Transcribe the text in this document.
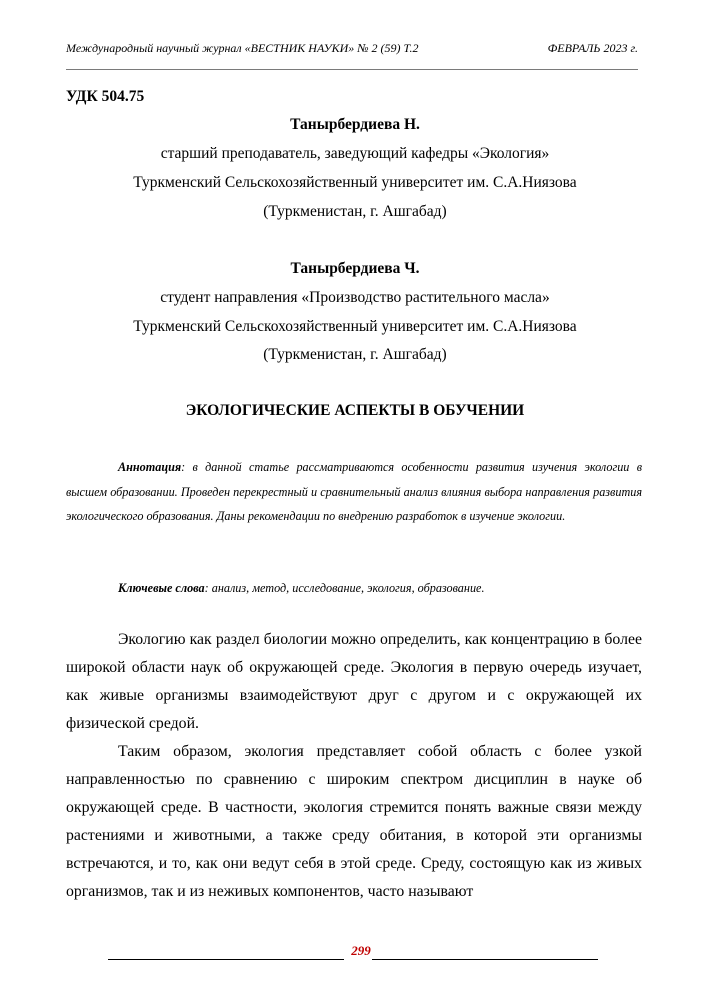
Международный научный журнал «ВЕСТНИК НАУКИ» № 2 (59) Т.2	ФЕВРАЛЬ 2023 г.
УДК 504.75
Танырбердиева Н.
старший преподаватель, заведующий кафедры «Экология»
Туркменский Сельскохозяйственный университет им. С.А.Ниязова
(Туркменистан, г. Ашгабад)
Танырбердиева Ч.
студент направления «Производство растительного масла»
Туркменский Сельскохозяйственный университет им. С.А.Ниязова
(Туркменистан, г. Ашгабад)
ЭКОЛОГИЧЕСКИЕ АСПЕКТЫ В ОБУЧЕНИИ
Аннотация: в данной статье рассматриваются особенности развития изучения экологии в высшем образовании. Проведен перекрестный и сравнительный анализ влияния выбора направления развития экологического образования. Даны рекомендации по внедрению разработок в изучение экологии.
Ключевые слова: анализ, метод, исследование, экология, образование.
Экологию как раздел биологии можно определить, как концентрацию в более широкой области наук об окружающей среде. Экология в первую очередь изучает, как живые организмы взаимодействуют друг с другом и с окружающей их физической средой.
Таким образом, экология представляет собой область с более узкой направленностью по сравнению с широким спектром дисциплин в науке об окружающей среде. В частности, экология стремится понять важные связи между растениями и животными, а также среду обитания, в которой эти организмы встречаются, и то, как они ведут себя в этой среде. Среду, состоящую как из живых организмов, так и из неживых компонентов, часто называют
299
